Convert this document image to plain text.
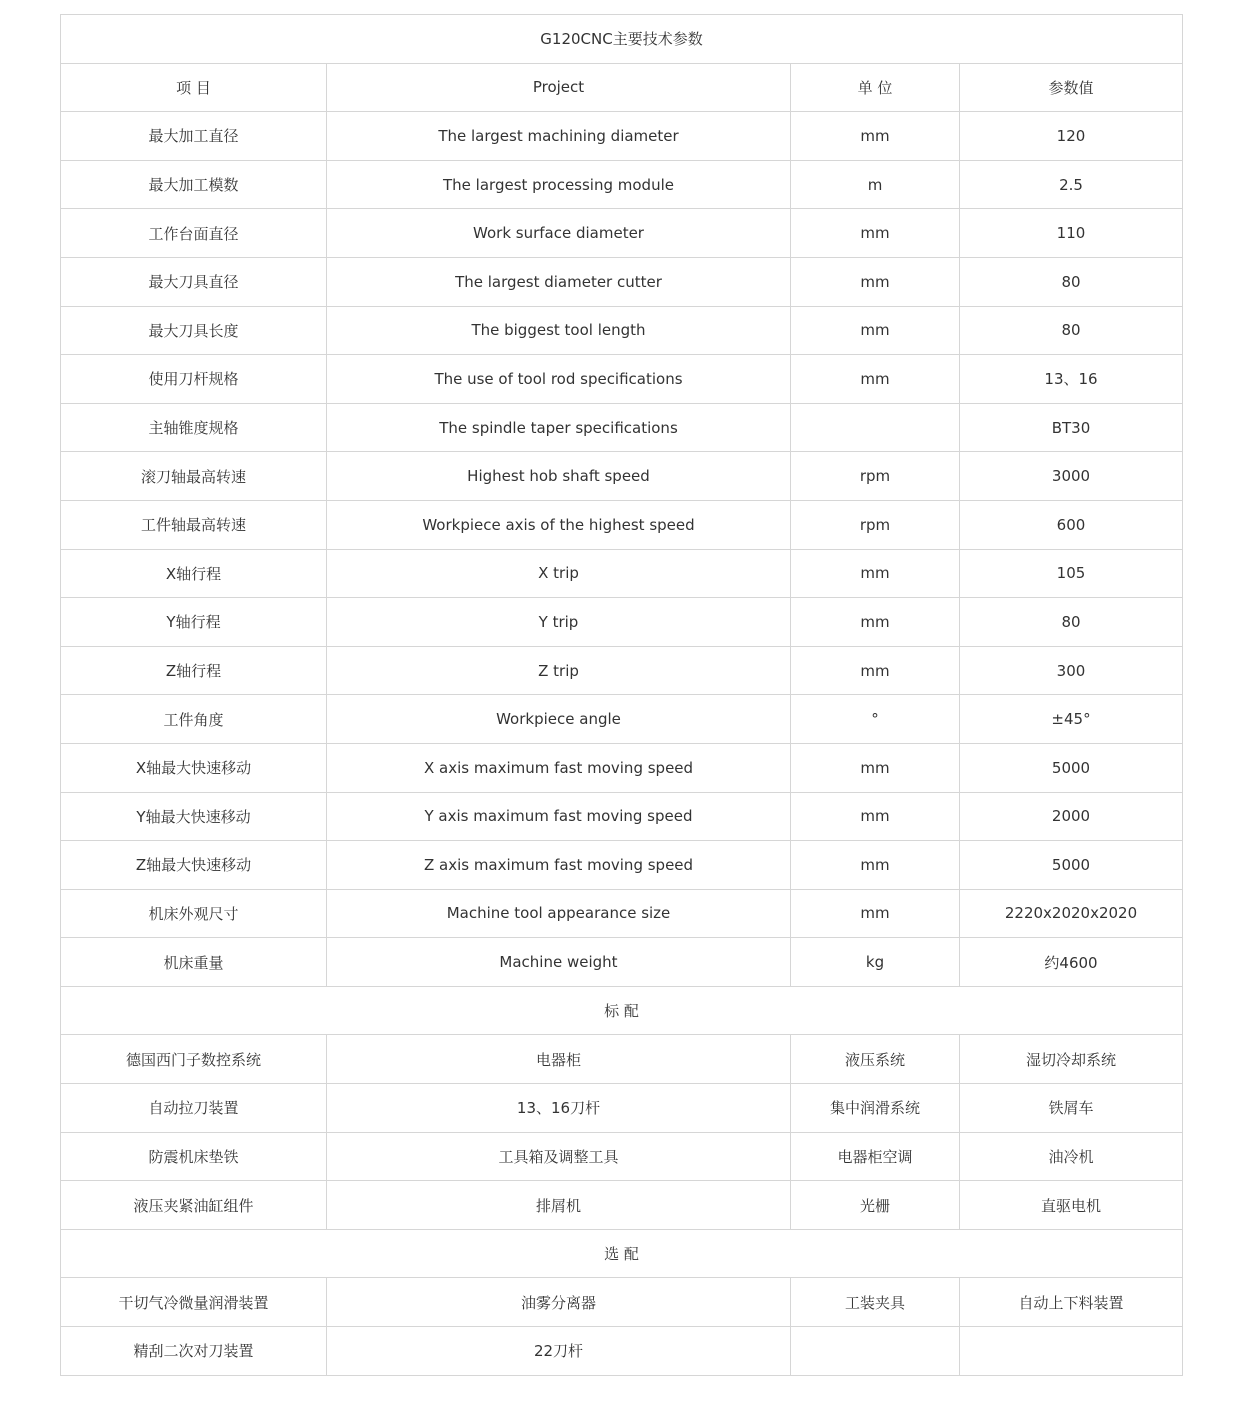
G120CNC主要技术参数			
项 目	Project	单 位	参数值
最大加工直径	The largest machining diameter	mm	120
最大加工模数	The largest processing module	m	2.5
工作台面直径	Work surface diameter	mm	110
最大刀具直径	The largest diameter cutter	mm	80
最大刀具长度	The biggest tool length	mm	80
使用刀杆规格	The use of tool rod specifications	mm	13、16
主轴锥度规格	The spindle taper specifications		BT30
滚刀轴最高转速	Highest hob shaft speed	rpm	3000
工件轴最高转速	Workpiece axis of the highest speed	rpm	600
X轴行程	X trip	mm	105
Y轴行程	Y trip	mm	80
Z轴行程	Z trip	mm	300
工件角度	Workpiece angle	°	±45°
X轴最大快速移动	X axis maximum fast moving speed	mm	5000
Y轴最大快速移动	Y axis maximum fast moving speed	mm	2000
Z轴最大快速移动	Z axis maximum fast moving speed	mm	5000
机床外观尺寸	Machine tool appearance size	mm	2220x2020x2020
机床重量	Machine weight	kg	约4600
标 配			
德国西门子数控系统	电器柜	液压系统	湿切冷却系统
自动拉刀装置	13、16刀杆	集中润滑系统	铁屑车
防震机床垫铁	工具箱及调整工具	电器柜空调	油冷机
液压夹紧油缸组件	排屑机	光栅	直驱电机
选 配			
干切气冷微量润滑装置	油雾分离器	工装夹具	自动上下料装置
精刮二次对刀装置	22刀杆		
